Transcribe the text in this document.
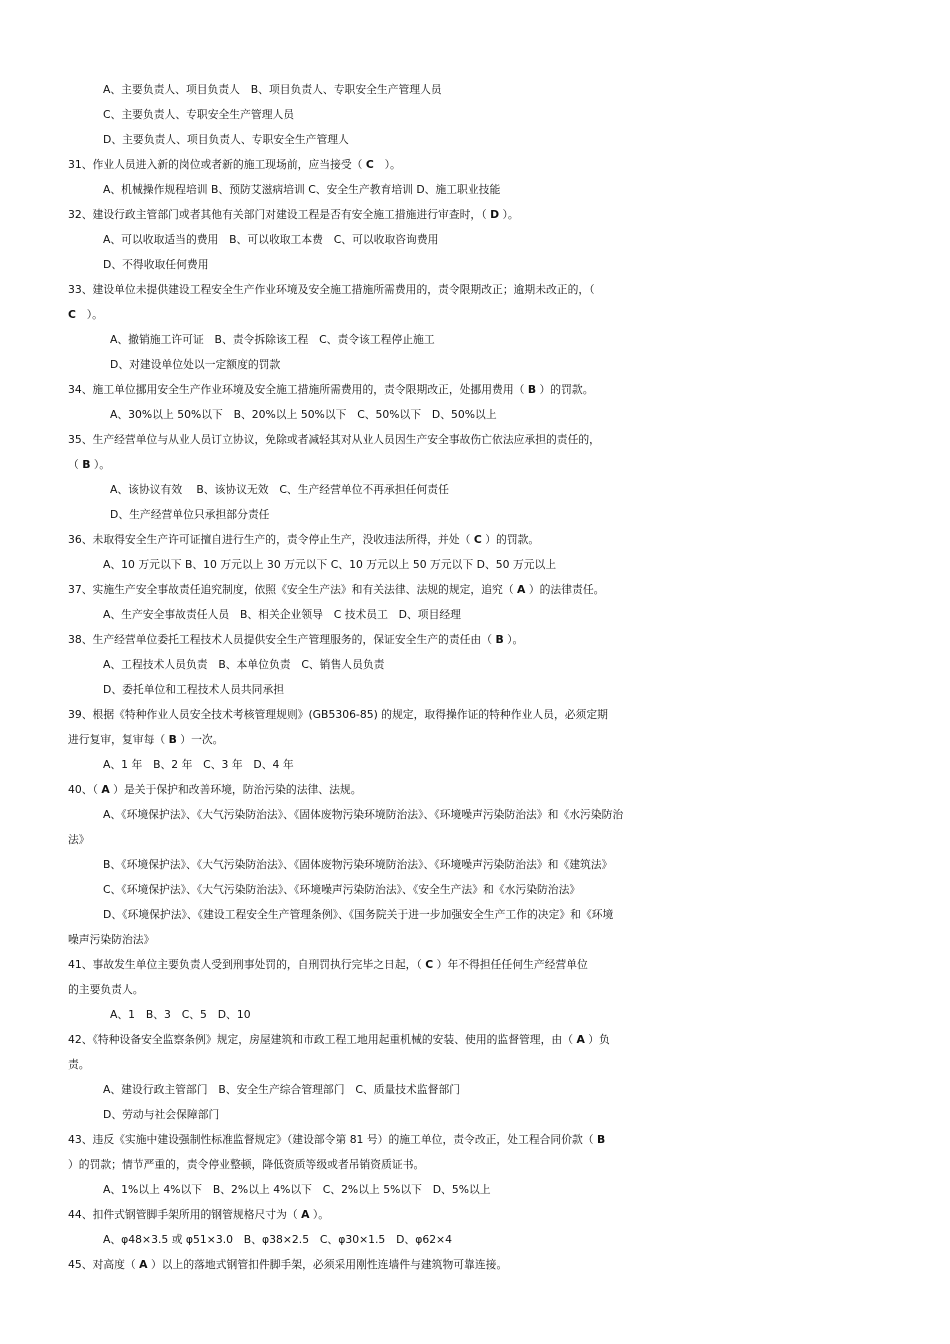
A、主要负责人、项目负责人　B、项目负责人、专职安全生产管理人员
C、主要负责人、专职安全生产管理人员
D、主要负责人、项目负责人、专职安全生产管理人
31、作业人员进入新的岗位或者新的施工现场前，应当接受（ C　）。
A、机械操作规程培训 B、预防艾滋病培训 C、安全生产教育培训 D、施工职业技能
32、建设行政主管部门或者其他有关部门对建设工程是否有安全施工措施进行审查时，（ D ）。
A、可以收取适当的费用　B、可以收取工本费　C、可以收取咨询费用
D、不得收取任何费用
33、建设单位未提供建设工程安全生产作业环境及安全施工措施所需费用的，责令限期改正；逾期未改正的，（
C　）。
A、撤销施工许可证　B、责令拆除该工程　C、责令该工程停止施工
D、对建设单位处以一定额度的罚款
34、施工单位挪用安全生产作业环境及安全施工措施所需费用的，责令限期改正，处挪用费用（ B ）的罚款。
A、30%以上 50%以下　B、20%以上 50%以下　C、50%以下　D、50%以上
35、生产经营单位与从业人员订立协议，免除或者减轻其对从业人员因生产安全事故伤亡依法应承担的责任的，
（ B ）。
A、该协议有效　 B、该协议无效　C、生产经营单位不再承担任何责任
D、生产经营单位只承担部分责任
36、未取得安全生产许可证擅自进行生产的，责令停止生产，没收违法所得，并处（ C ）的罚款。
A、10 万元以下 B、10 万元以上 30 万元以下 C、10 万元以上 50 万元以下 D、50 万元以上
37、实施生产安全事故责任追究制度，依照《安全生产法》和有关法律、法规的规定，追究（ A ）的法律责任。
A、生产安全事故责任人员　B、相关企业领导　C 技术员工　D、项目经理
38、生产经营单位委托工程技术人员提供安全生产管理服务的，保证安全生产的责任由（ B ）。
A、工程技术人员负责　B、本单位负责　C、销售人员负责
D、委托单位和工程技术人员共同承担
39、根据《特种作业人员安全技术考核管理规则》(GB5306-85) 的规定，取得操作证的特种作业人员，必须定期
进行复审，复审每（ B ）一次。
A、1 年　B、2 年　C、3 年　D、4 年
40、（ A ）是关于保护和改善环境，防治污染的法律、法规。
A、《环境保护法》、《大气污染防治法》、《固体废物污染环境防治法》、《环境噪声污染防治法》和《水污染防治
法》
B、《环境保护法》、《大气污染防治法》、《固体废物污染环境防治法》、《环境噪声污染防治法》和《建筑法》
C、《环境保护法》、《大气污染防治法》、《环境噪声污染防治法》、《安全生产法》和《水污染防治法》
D、《环境保护法》、《建设工程安全生产管理条例》、《国务院关于进一步加强安全生产工作的决定》和《环境
噪声污染防治法》
41、事故发生单位主要负责人受到刑事处罚的，自刑罚执行完毕之日起，（ C ）年不得担任任何生产经营单位
的主要负责人。
A、1　B、3　C、5　D、10
42、《特种设备安全监察条例》规定，房屋建筑和市政工程工地用起重机械的安装、使用的监督管理，由（ A ）负
责。
A、建设行政主管部门　B、安全生产综合管理部门　C、质量技术监督部门
D、劳动与社会保障部门
43、违反《实施中建设强制性标准监督规定》（建设部令第 81 号）的施工单位，责令改正，处工程合同价款（ B
）的罚款；情节严重的，责令停业整顿，降低资质等级或者吊销资质证书。
A、1%以上 4%以下　B、2%以上 4%以下　C、2%以上 5%以下　D、5%以上
44、扣件式钢管脚手架所用的钢管规格尺寸为（ A ）。
A、φ48×3.5 或 φ51×3.0　B、φ38×2.5　C、φ30×1.5　D、φ62×4
45、对高度（ A ）以上的落地式钢管扣件脚手架，必须采用刚性连墙件与建筑物可靠连接。
